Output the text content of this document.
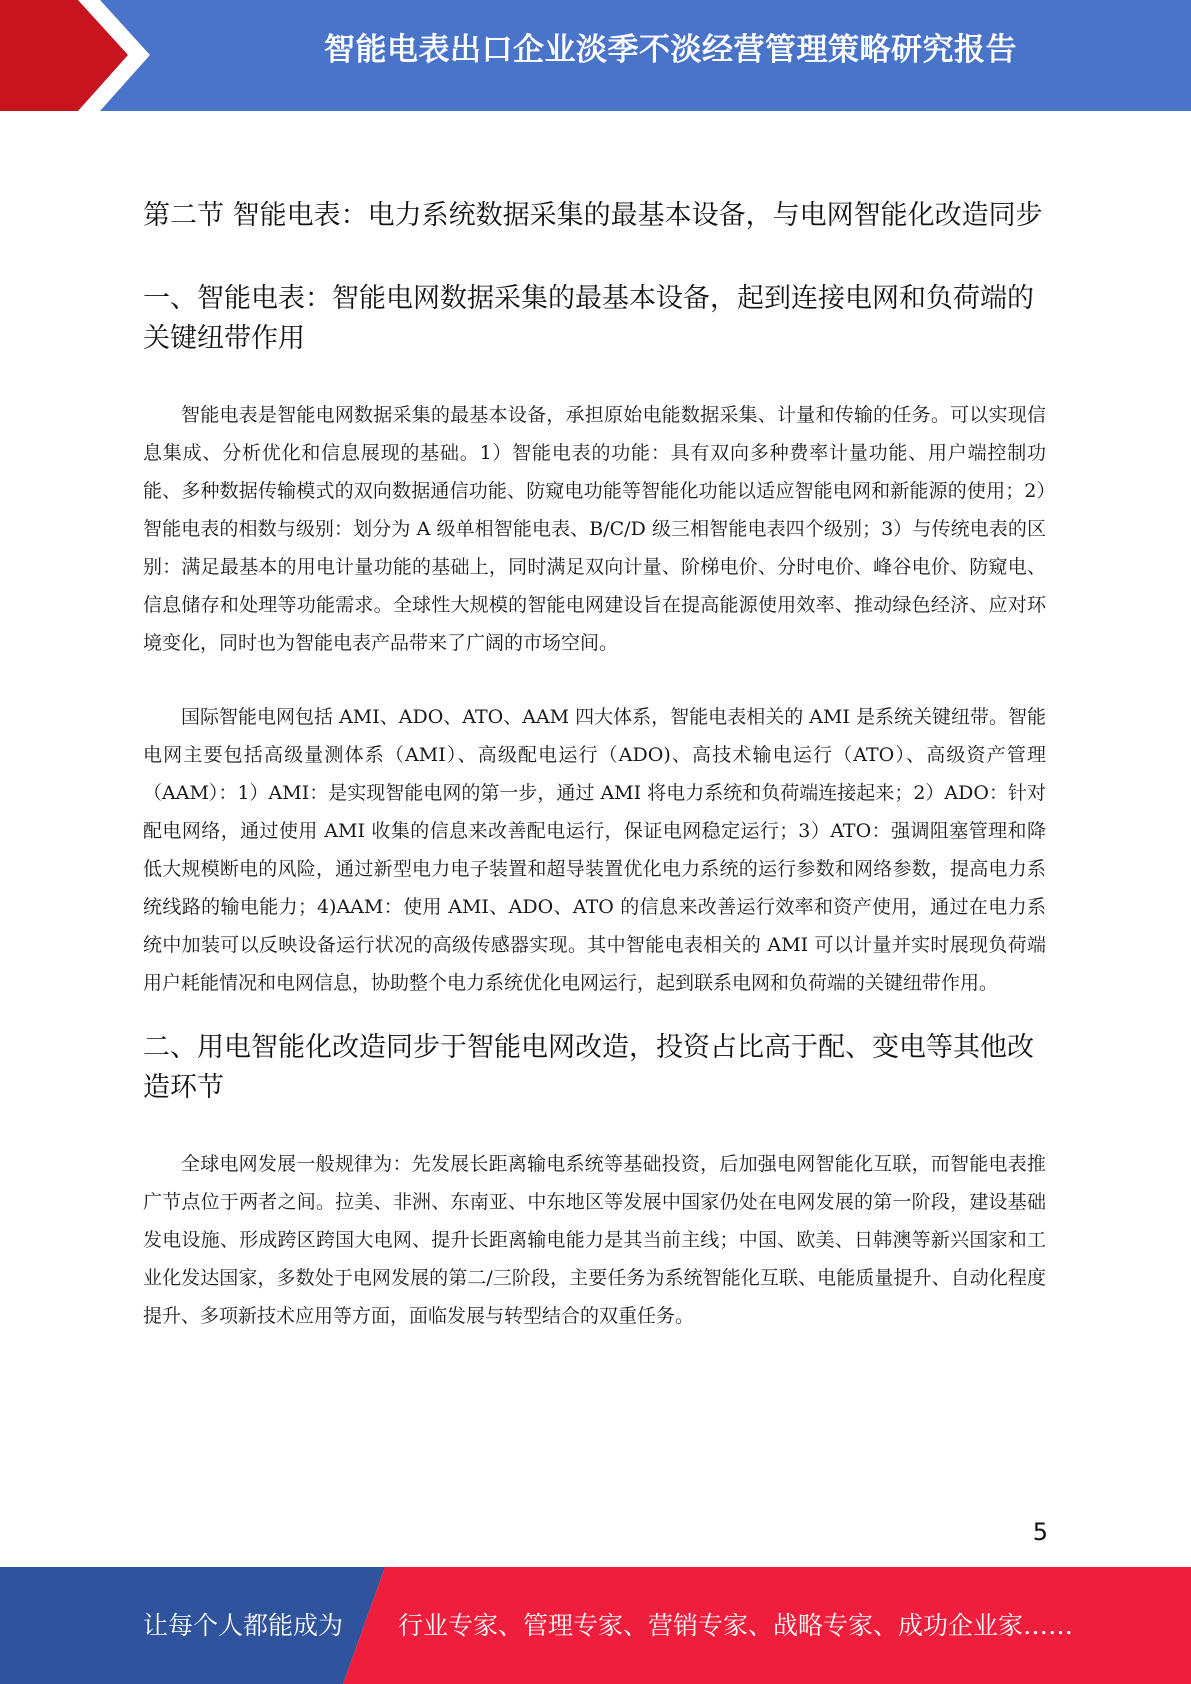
智能电表出口企业淡季不淡经营管理策略研究报告
第二节 智能电表：电力系统数据采集的最基本设备，与电网智能化改造同步
一、智能电表：智能电网数据采集的最基本设备，起到连接电网和负荷端的关键纽带作用

智能电表是智能电网数据采集的最基本设备，承担原始电能数据采集、计量和传输的任务。可以实现信息集成、分析优化和信息展现的基础。1）智能电表的功能：具有双向多种费率计量功能、用户端控制功能、多种数据传输模式的双向数据通信功能、防窥电功能等智能化功能以适应智能电网和新能源的使用；2）智能电表的相数与级别：划分为 A 级单相智能电表、B/C/D 级三相智能电表四个级别；3）与传统电表的区别：满足最基本的用电计量功能的基础上，同时满足双向计量、阶梯电价、分时电价、峰谷电价、防窥电、信息储存和处理等功能需求。全球性大规模的智能电网建设旨在提高能源使用效率、推动绿色经济、应对环境变化，同时也为智能电表产品带来了广阔的市场空间。

国际智能电网包括 AMI、ADO、ATO、AAM 四大体系，智能电表相关的 AMI 是系统关键纽带。智能电网主要包括高级量测体系（AMI）、高级配电运行（ADO)、高技术输电运行（ATO）、高级资产管理（AAM）：1）AMI：是实现智能电网的第一步，通过 AMI 将电力系统和负荷端连接起来；2）ADO：针对配电网络，通过使用 AMI 收集的信息来改善配电运行，保证电网稳定运行；3）ATO：强调阻塞管理和降低大规模断电的风险，通过新型电力电子装置和超导装置优化电力系统的运行参数和网络参数，提高电力系统线路的输电能力；4)AAM：使用 AMI、ADO、ATO 的信息来改善运行效率和资产使用，通过在电力系统中加装可以反映设备运行状况的高级传感器实现。其中智能电表相关的 AMI 可以计量并实时展现负荷端用户耗能情况和电网信息，协助整个电力系统优化电网运行，起到联系电网和负荷端的关键纽带作用。

二、用电智能化改造同步于智能电网改造，投资占比高于配、变电等其他改造环节

全球电网发展一般规律为：先发展长距离输电系统等基础投资，后加强电网智能化互联，而智能电表推广节点位于两者之间。拉美、非洲、东南亚、中东地区等发展中国家仍处在电网发展的第一阶段，建设基础发电设施、形成跨区跨国大电网、提升长距离输电能力是其当前主线；中国、欧美、日韩澳等新兴国家和工业化发达国家，多数处于电网发展的第二/三阶段，主要任务为系统智能化互联、电能质量提升、自动化程度提升、多项新技术应用等方面，面临发展与转型结合的双重任务。

5
让每个人都能成为 行业专家、管理专家、营销专家、战略专家、成功企业家……
